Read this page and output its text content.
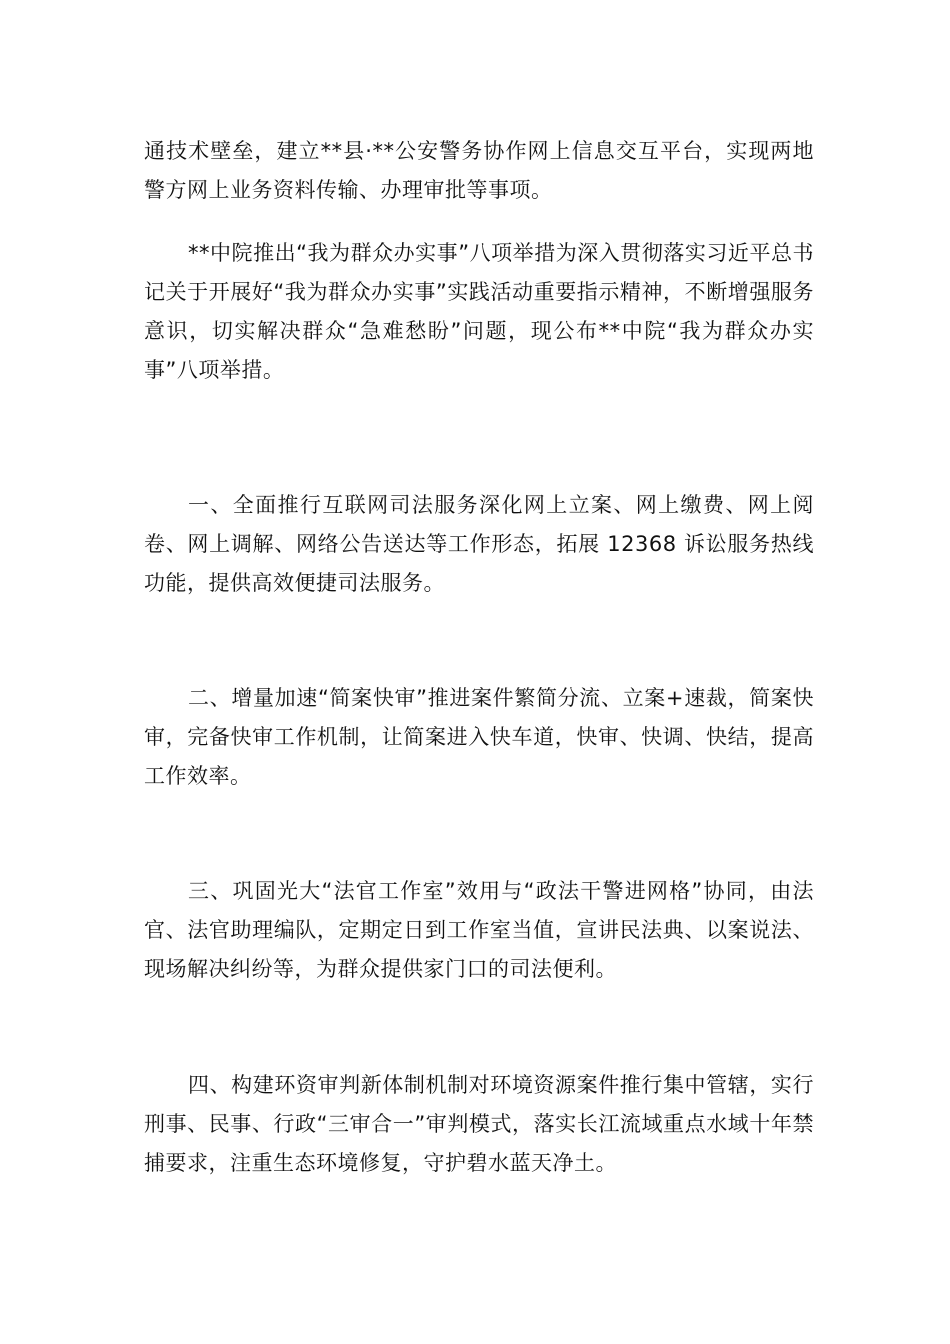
通技术壁垒，建立**县·**公安警务协作网上信息交互平台，实现两地警方网上业务资料传输、办理审批等事项。

**中院推出“我为群众办实事”八项举措为深入贯彻落实习近平总书记关于开展好“我为群众办实事”实践活动重要指示精神，不断增强服务意识，切实解决群众“急难愁盼”问题，现公布**中院“我为群众办实事”八项举措。

一、全面推行互联网司法服务深化网上立案、网上缴费、网上阅卷、网上调解、网络公告送达等工作形态，拓展 12368 诉讼服务热线功能，提供高效便捷司法服务。

二、增量加速“简案快审”推进案件繁简分流、立案+速裁，简案快审，完备快审工作机制，让简案进入快车道，快审、快调、快结，提高工作效率。

三、巩固光大“法官工作室”效用与“政法干警进网格”协同，由法官、法官助理编队，定期定日到工作室当值，宣讲民法典、以案说法、现场解决纠纷等，为群众提供家门口的司法便利。

四、构建环资审判新体制机制对环境资源案件推行集中管辖，实行刑事、民事、行政“三审合一”审判模式，落实长江流域重点水域十年禁捕要求，注重生态环境修复，守护碧水蓝天净土。
